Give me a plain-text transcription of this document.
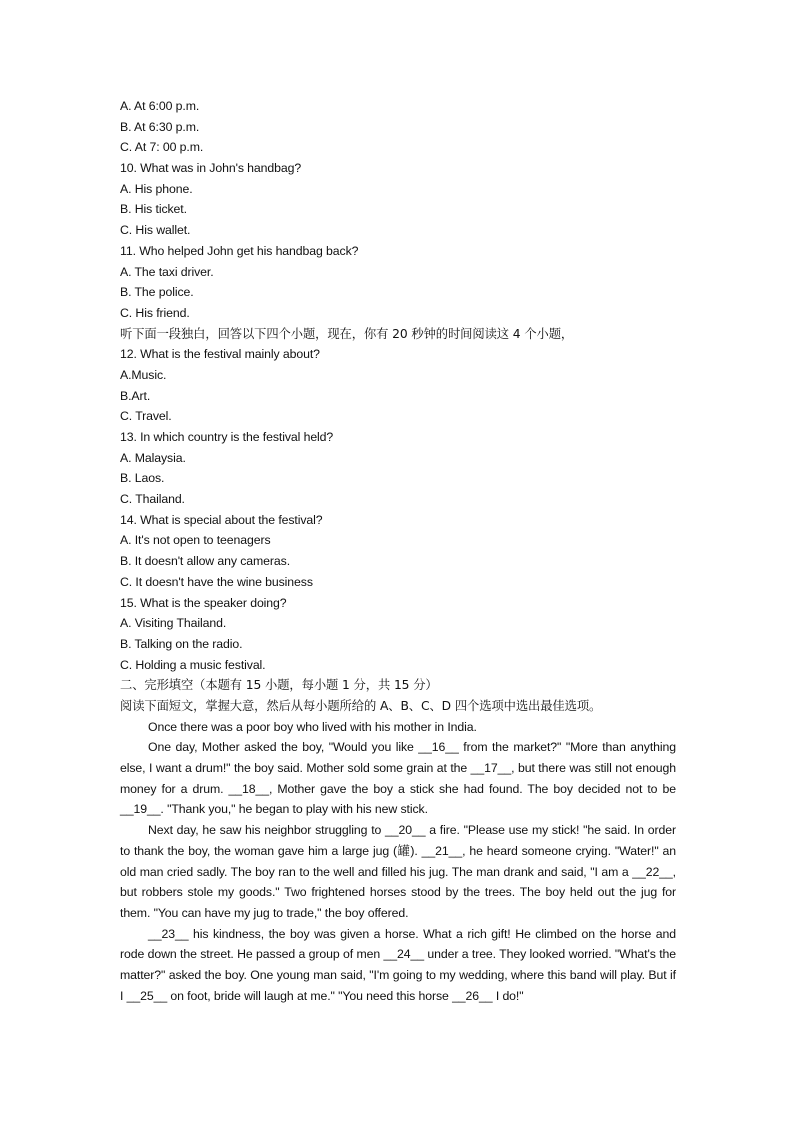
A. At 6:00 p.m.
B. At 6:30 p.m.
C. At 7: 00 p.m.
10. What was in John's handbag?
A. His phone.
B. His ticket.
C. His wallet.
11. Who helped John get his handbag back?
A. The taxi driver.
B. The police.
C. His friend.
听下面一段独白，回答以下四个小题，现在，你有 20 秒钟的时间阅读这 4 个小题，
12. What is the festival mainly about?
A.Music.
B.Art.
C. Travel.
13. In which country is the festival held?
A. Malaysia.
B. Laos.
C. Thailand.
14. What is special about the festival?
A. It's not open to teenagers
B. It doesn't allow any cameras.
C. It doesn't have the wine business
15. What is the speaker doing?
A. Visiting Thailand.
B. Talking on the radio.
C. Holding a music festival.
二、完形填空（本题有 15 小题，每小题 1 分，共 15 分）
阅读下面短文，掌握大意，然后从每小题所给的 A、B、C、D 四个选项中选出最佳选项。

Once there was a poor boy who lived with his mother in India.

One day, Mother asked the boy, "Would you like __16__ from the market?" "More than anything else, I want a drum!" the boy said. Mother sold some grain at the __17__, but there was still not enough money for a drum. __18__, Mother gave the boy a stick she had found. The boy decided not to be __19__. "Thank you," he began to play with his new stick.

Next day, he saw his neighbor struggling to __20__ a fire. "Please use my stick! "he said. In order to thank the boy, the woman gave him a large jug (罐). __21__, he heard someone crying. "Water!" an old man cried sadly. The boy ran to the well and filled his jug. The man drank and said, "I am a __22__, but robbers stole my goods." Two frightened horses stood by the trees. The boy held out the jug for them. "You can have my jug to trade," the boy offered.

__23__ his kindness, the boy was given a horse. What a rich gift! He climbed on the horse and rode down the street. He passed a group of men __24__ under a tree. They looked worried. "What's the matter?" asked the boy. One young man said, "I'm going to my wedding, where this band will play. But if I __25__ on foot, bride will laugh at me." "You need this horse __26__ I do!"
